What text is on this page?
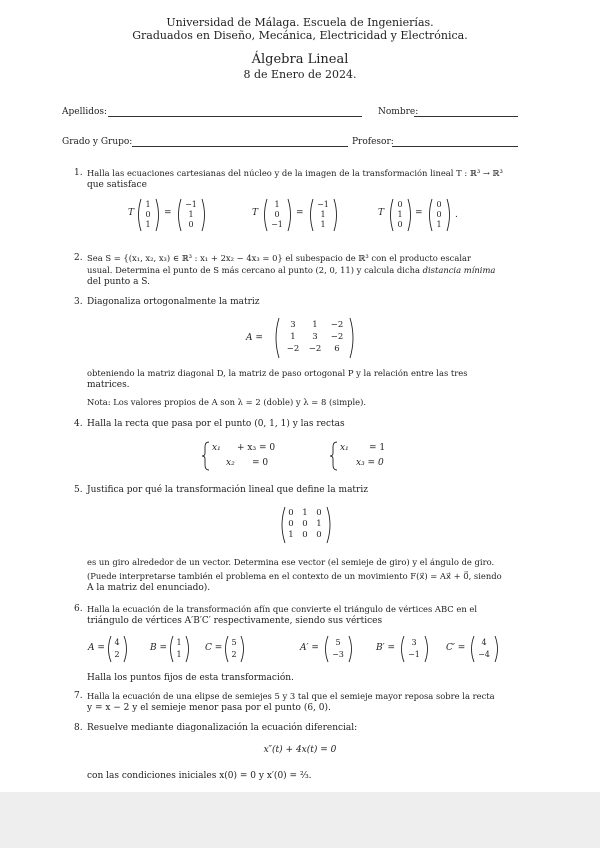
Universidad de Málaga. Escuela de Ingenierías.
Graduados en Diseño, Mecánica, Electricidad y Electrónica.
Álgebra Lineal
8 de Enero de 2024.
Apellidos:	Nombre:
Grado y Grupo:	Profesor:
1. Halla las ecuaciones cartesianas del núcleo y de la imagen de la transformación lineal T : ℝ³ → ℝ³
que satisface
T
1
0
1
=
−1
1
0
T
1
0
−1
=
−1
1
1
T
0
1
0
=
0
0
1
.
2. Sea S = {(x₁, x₂, x₃) ∈ ℝ³ : x₁ + 2x₂ − 4x₃ = 0} el subespacio de ℝ³ con el producto escalar
usual. Determina el punto de S más cercano al punto (2, 0, 11) y calcula dicha distancia mínima
del punto a S.
3. Diagonaliza ortogonalmente la matriz
A =
3	1	−2
1	3	−2
−2	−2	6
obteniendo la matriz diagonal D, la matriz de paso ortogonal P y la relación entre las tres
matrices.
Nota: Los valores propios de A son λ = 2 (doble) y λ = 8 (simple).
4. Halla la recta que pasa por el punto (0, 1, 1) y las rectas
x₁ + x₃ = 0
x₂ = 0
x₁ = 1
x₃ = 0
5. Justifica por qué la transformación lineal que define la matriz
0	1	0
0	0	1
1	0	0
es un giro alrededor de un vector. Determina ese vector (el semieje de giro) y el ángulo de giro.
(Puede interpretarse también el problema en el contexto de un movimiento F(x⃗) = Ax⃗ + 0⃗, siendo
A la matriz del enunciado).
6. Halla la ecuación de la transformación afín que convierte el triángulo de vértices ABC en el
triángulo de vértices A′B′C′ respectivamente, siendo sus vértices
A =
4
2
B =
1
1
C =
5
2
A′ =
5
−3
B′ =
3
−1
C′ =
4
−4
Halla los puntos fijos de esta transformación.
7. Halla la ecuación de una elipse de semiejes 5 y 3 tal que el semieje mayor reposa sobre la recta
y = x − 2 y el semieje menor pasa por el punto (6, 0).
8. Resuelve mediante diagonalización la ecuación diferencial:
x″(t) + 4x(t) = 0
con las condiciones iniciales x(0) = 0 y x′(0) = ⅔.
